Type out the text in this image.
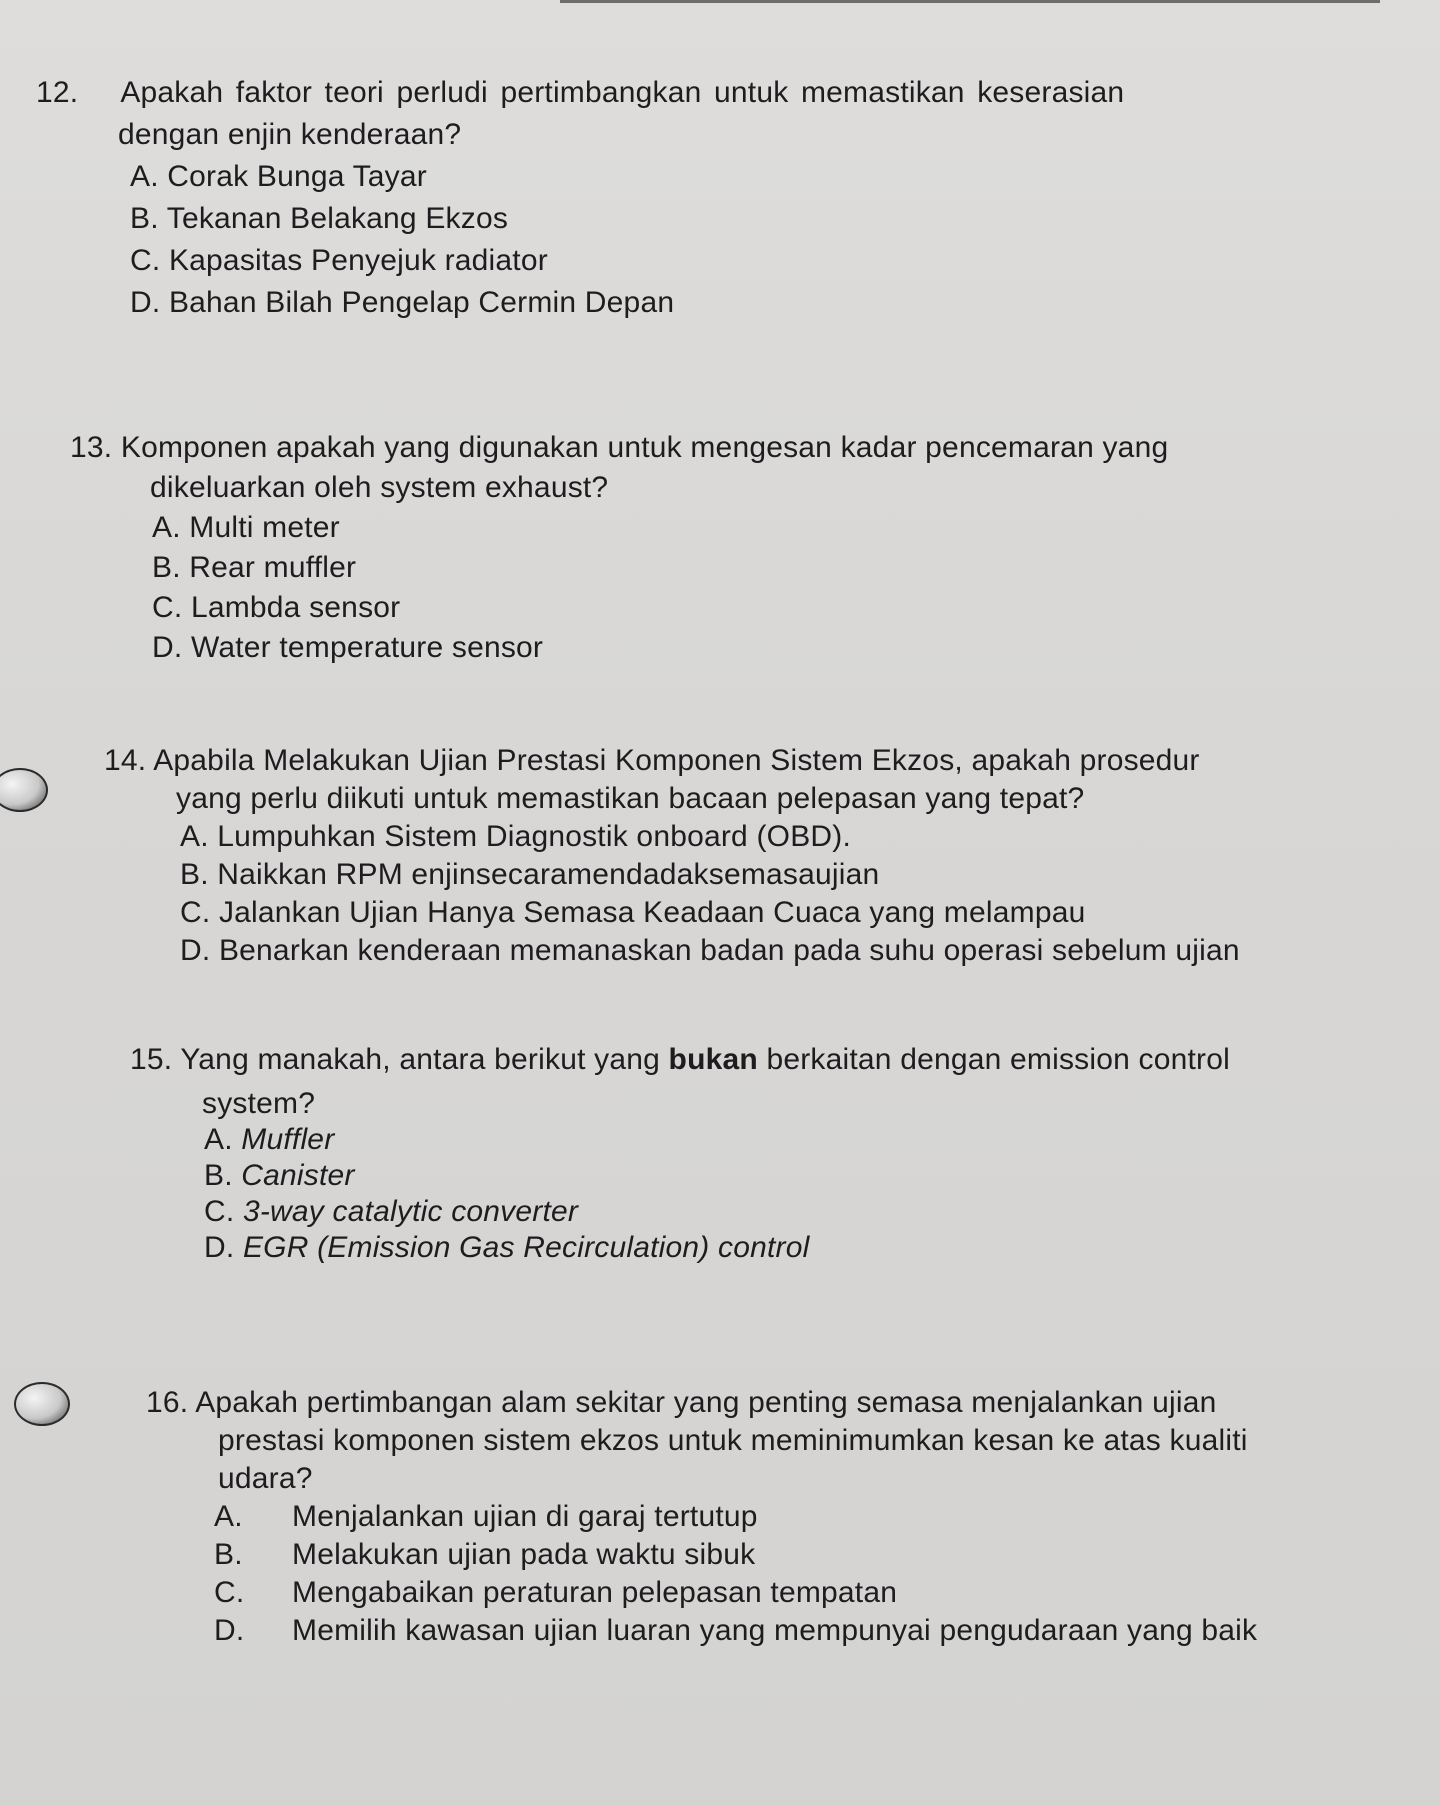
12. Apakah faktor teori perludi pertimbangkan untuk memastikan keserasian
dengan enjin kenderaan?
A. Corak Bunga Tayar
B. Tekanan Belakang Ekzos
C. Kapasitas Penyejuk radiator
D. Bahan Bilah Pengelap Cermin Depan
13. Komponen apakah yang digunakan untuk mengesan kadar pencemaran yang
dikeluarkan oleh system exhaust?
A. Multi meter
B. Rear muffler
C. Lambda sensor
D. Water temperature sensor
14. Apabila Melakukan Ujian Prestasi Komponen Sistem Ekzos, apakah prosedur
yang perlu diikuti untuk memastikan bacaan pelepasan yang tepat?
A. Lumpuhkan Sistem Diagnostik onboard (OBD).
B. Naikkan RPM enjinsecaramendadaksemasaujian
C. Jalankan Ujian Hanya Semasa Keadaan Cuaca yang melampau
D. Benarkan kenderaan memanaskan badan pada suhu operasi sebelum ujian
15. Yang manakah, antara berikut yang bukan berkaitan dengan emission control
system?
A. Muffler
B. Canister
C. 3-way catalytic converter
D. EGR (Emission Gas Recirculation) control
16. Apakah pertimbangan alam sekitar yang penting semasa menjalankan ujian
prestasi komponen sistem ekzos untuk meminimumkan kesan ke atas kualiti
udara?
A. Menjalankan ujian di garaj tertutup
B. Melakukan ujian pada waktu sibuk
C. Mengabaikan peraturan pelepasan tempatan
D. Memilih kawasan ujian luaran yang mempunyai pengudaraan yang baik
